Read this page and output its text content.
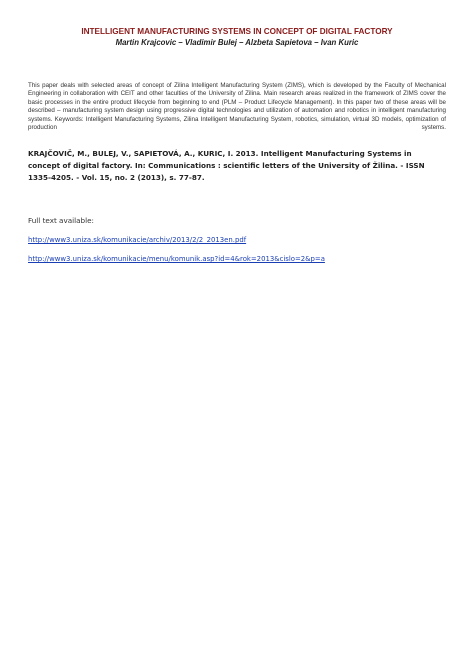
INTELLIGENT MANUFACTURING SYSTEMS IN CONCEPT OF DIGITAL FACTORY

Martin Krajcovic – Vladimir Bulej – Alzbeta Sapietova – Ivan Kuric

This paper deals with selected areas of concept of Zilina Intelligent Manufacturing System (ZIMS), which is developed by the Faculty of Mechanical Engineering in collaboration with CEIT and other faculties of the University of Zilina. Main research areas realized in the framework of ZIMS cover the basic processes in the entire product lifecycle from beginning to end (PLM – Product Lifecycle Management). In this paper two of these areas will be described – manufacturing system design using progressive digital technologies and utilization of automation and robotics in intelligent manufacturing systems. Keywords: Intelligent Manufacturing Systems, Zilina Intelligent Manufacturing System, robotics, simulation, virtual 3D models, optimization of production systems.
KRAJČOVIČ, M., BULEJ, V., SAPIETOVÁ, A., KURIC, I. 2013. Intelligent Manufacturing Systems in concept of digital factory. In: Communications : scientific letters of the University of Žilina. - ISSN 1335-4205. - Vol. 15, no. 2 (2013), s. 77-87.
Full text available:
http://www3.uniza.sk/komunikacie/archiv/2013/2/2_2013en.pdf
http://www3.uniza.sk/komunikacie/menu/komunik.asp?id=4&rok=2013&cislo=2&p=a
